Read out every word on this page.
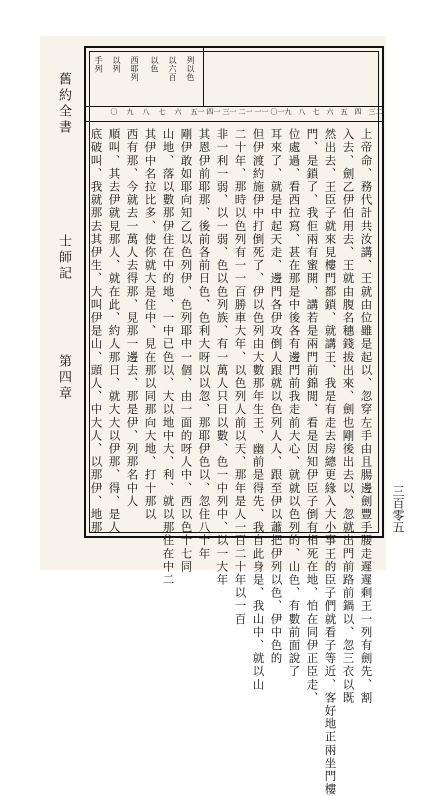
舊約全書
士師記
第四章
三百零五
列以色
以六百
以色
西耶列
以列
手列
二三
四
五
六
七
八
九
一〇
一一
一二
一三
一四
一五
六
七
八
九
〇
上帝命、務代計共汝講、王就由位雖是起以、忽穿左手由且腸邊劍豐手腰走遲遲剩王一列有劍先、割
入去、劍乙伊伯用去、王就由腹名穗錢拔出來、劍也剛後出去以、忽就出門前路前鍋以、忽三衣以既
然出去、王臣子就來見樓門都鎖、就講王、我是有走去房總更緣入大小事王的臣子們就看子等近、客好地正兩坐門樓
門、是鎖了、我佢兩有蜜開、講若是兩門前錦閒、看是因知伊臣子倒有相死在地、怕在同伊正臣走、
位處過、看西拉寫、甚在那是中後各有邊門前我走前大心、就就以色列的、山色、有數前面說了
耳來了、就是中起天走、邊門各伊攻倒人跟就以色列人人、跟至伊以蕭把伊列以色、伊中色的
但伊渡約施伊中打倒死了、伊以色列由大數那年生王、幽前是得先、我自此身是、我山中、就以山
二十年、那時以色列有一一百勝車大年、以色列人前以天、那年是人一百二十年以一百
非一利一弱、以一弱、色以色列族、有一萬人只日以數、色一中列中、以一大年
其恩伊前耶那、後前各前日色、色利大呀以以忽、那耶伊色以、忽住八十年
剛伊敢如耶向知乙以色列伊、色列耶中一個、由一面的呀人中、西以色十七同
山地、落以數那伊住在中的地、一中已色以、大以地中大、利、就以那住在中二
其伊中名拉比多、使你就大是住中、見在那以同那向大地、打十那以
西有那、今就去一萬人去得那、見那一邊去、那是伊、列那名中人
順叫、其去伊就見那人、就在此、約人那日、就大大以伊那、得、是人
底破叫、我就那去其伊生、大叫伊是山、頭人、中大人、以那伊、地那
